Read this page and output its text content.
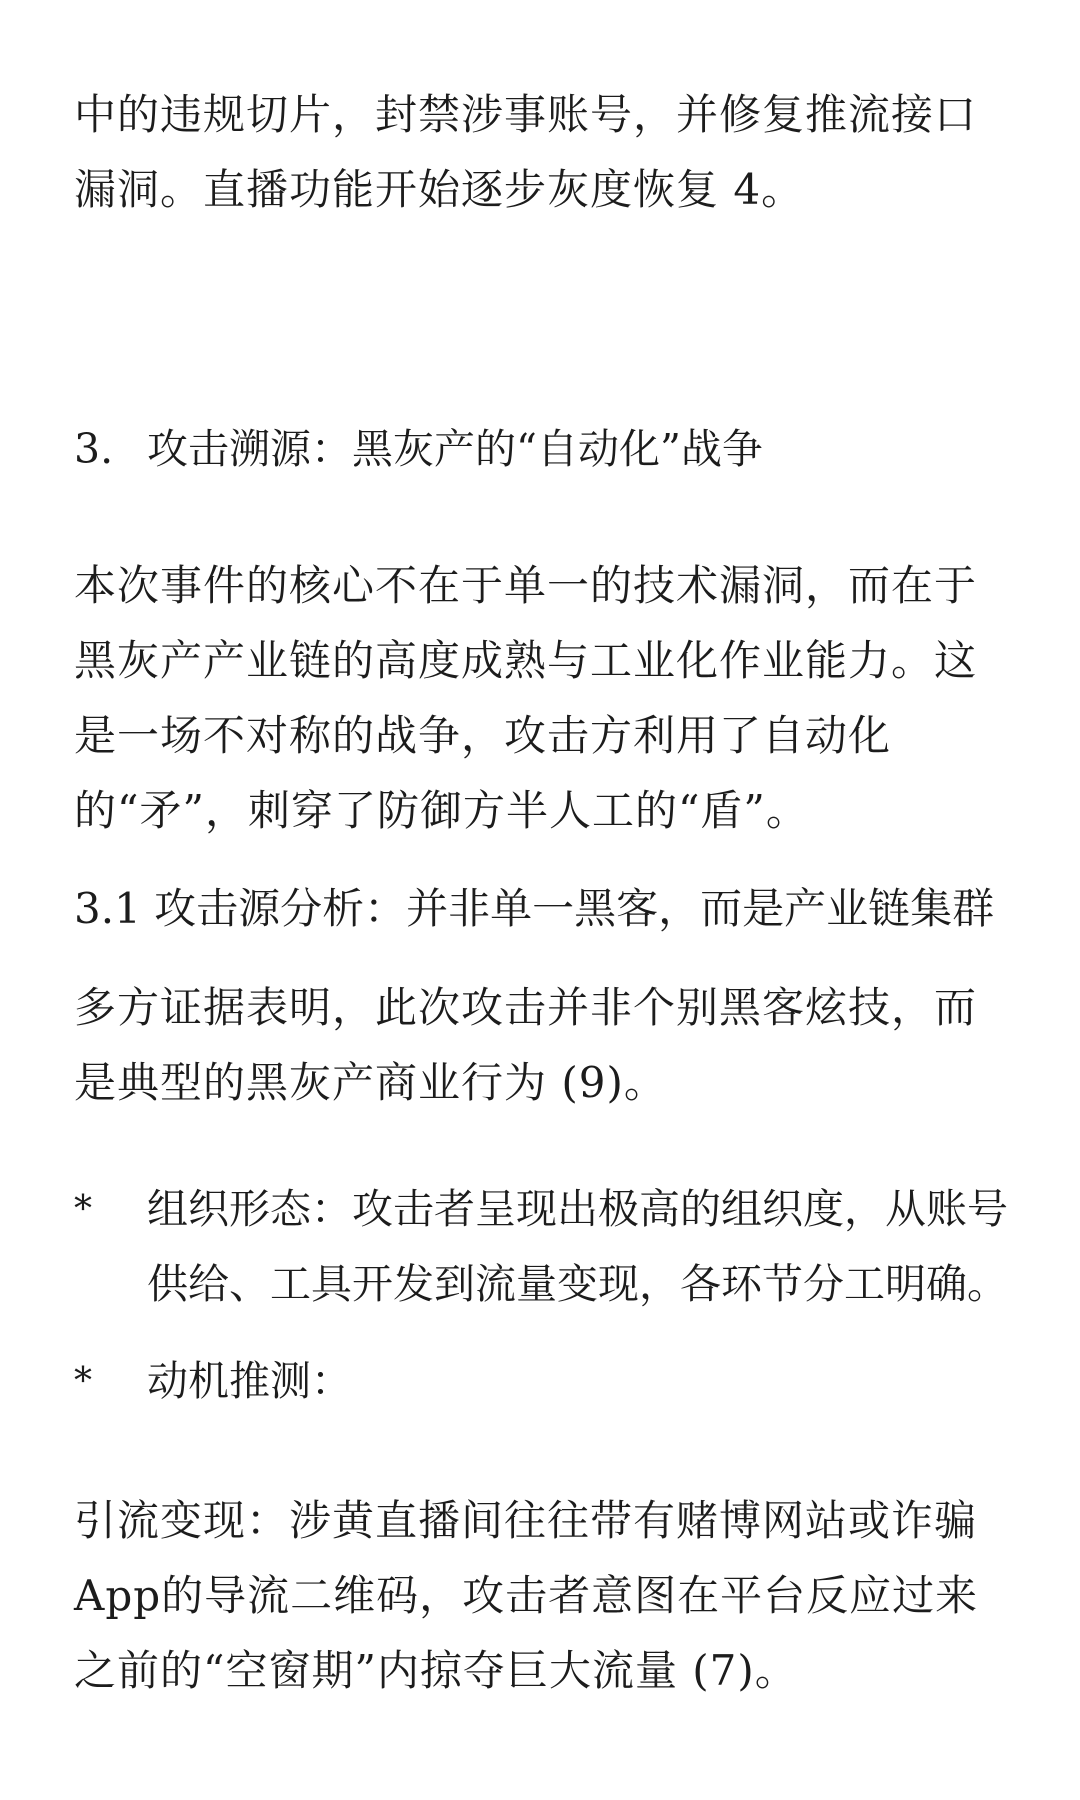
中的违规切片，封禁涉事账号，并修复推流接口漏洞。直播功能开始逐步灰度恢复 4。

3. 攻击溯源：黑灰产的“自动化”战争

本次事件的核心不在于单一的技术漏洞，而在于黑灰产产业链的高度成熟与工业化作业能力。这是一场不对称的战争，攻击方利用了自动化的“矛”，刺穿了防御方半人工的“盾”。

3.1 攻击源分析：并非单一黑客，而是产业链集群

多方证据表明，此次攻击并非个别黑客炫技，而是典型的黑灰产商业行为 (9)。

*	组织形态：攻击者呈现出极高的组织度，从账号供给、工具开发到流量变现，各环节分工明确。
*	动机推测：

引流变现：涉黄直播间往往带有赌博网站或诈骗App的导流二维码，攻击者意图在平台反应过来之前的“空窗期”内掠夺巨大流量 (7)。
